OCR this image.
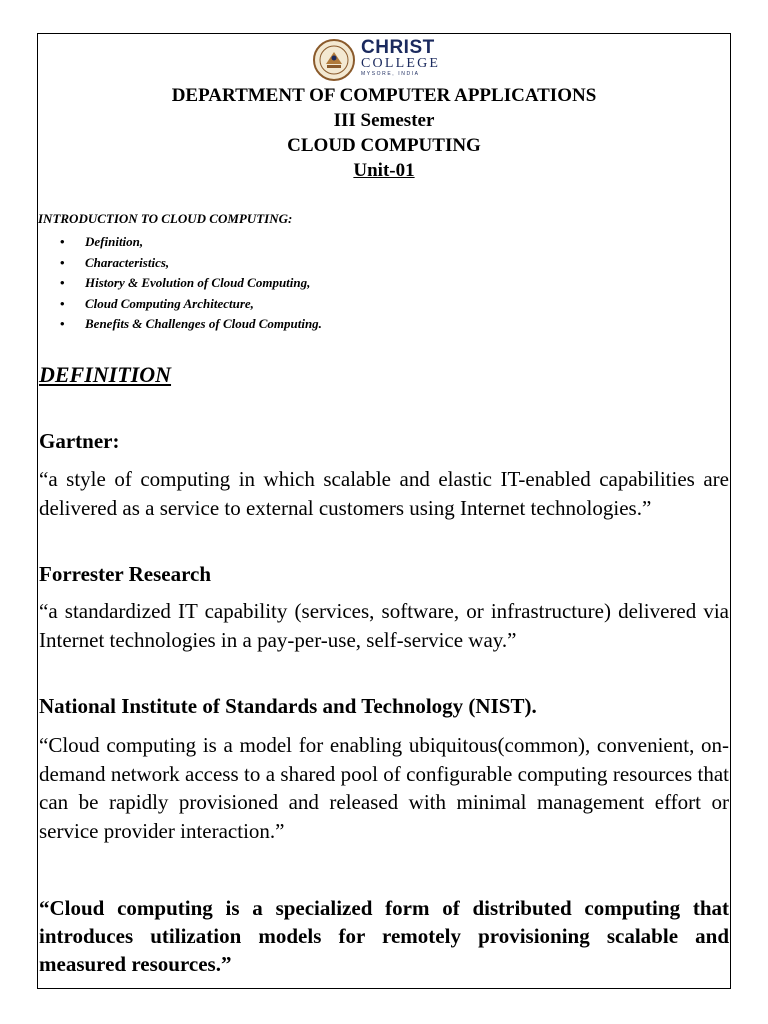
CHRIST
COLLEGE
MYSORE, INDIA
DEPARTMENT OF COMPUTER APPLICATIONS
III Semester
CLOUD COMPUTING
Unit-01
INTRODUCTION TO CLOUD COMPUTING:
• Definition,
• Characteristics,
• History & Evolution of Cloud Computing,
• Cloud Computing Architecture,
• Benefits & Challenges of Cloud Computing.
DEFINITION
Gartner:
“a style of computing in which scalable and elastic IT-enabled capabilities are delivered as a service to external customers using Internet technologies.”
Forrester Research
“a standardized IT capability (services, software, or infrastructure) delivered via Internet technologies in a pay-per-use, self-service way.”
National Institute of Standards and Technology (NIST).
“Cloud computing is a model for enabling ubiquitous(common), convenient, on-demand network access to a shared pool of configurable computing resources that can be rapidly provisioned and released with minimal management effort or service provider interaction.”
“Cloud computing is a specialized form of distributed computing that introduces utilization models for remotely provisioning scalable and measured resources.”
